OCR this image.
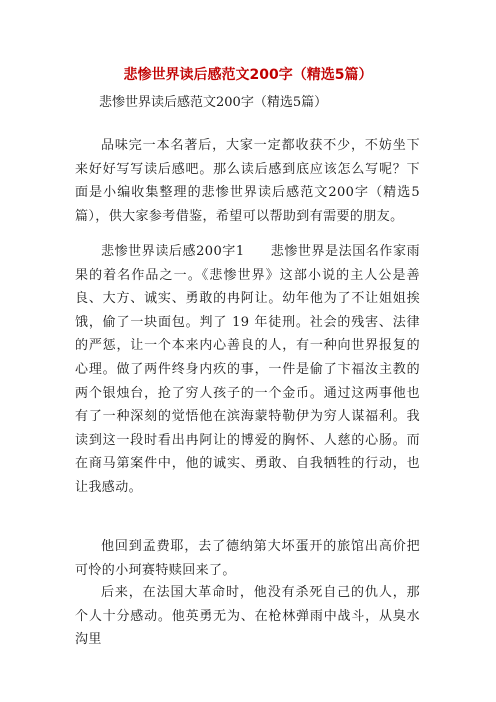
悲惨世界读后感范文200字（精选5篇）
悲惨世界读后感范文200字（精选5篇）

品味完一本名著后，大家一定都收获不少，不妨坐下来好好写写读后感吧。那么读后感到底应该怎么写呢？下面是小编收集整理的悲惨世界读后感范文200字（精选5篇），供大家参考借鉴，希望可以帮助到有需要的朋友。

悲惨世界读后感200字1 悲惨世界是法国名作家雨果的着名作品之一。《悲惨世界》这部小说的主人公是善良、大方、诚实、勇敢的冉阿让。幼年他为了不让姐姐挨饿，偷了一块面包。判了 19 年徒刑。社会的残害、法律的严惩，让一个本来内心善良的人，有一种向世界报复的心理。做了两件终身内疚的事，一件是偷了卞福汝主教的两个银烛台，抢了穷人孩子的一个金币。通过这两事他也有了一种深刻的觉悟他在滨海蒙特勒伊为穷人谋福利。我读到这一段时看出冉阿让的博爱的胸怀、人慈的心肠。而在商马第案件中，他的诚实、勇敢、自我牺牲的行动，也让我感动。

他回到孟费耶，去了德纳第大坏蛋开的旅馆出高价把可怜的小珂赛特赎回来了。

后来，在法国大革命时，他没有杀死自己的仇人，那个人十分感动。他英勇无为、在枪林弹雨中战斗，从臭水沟里
